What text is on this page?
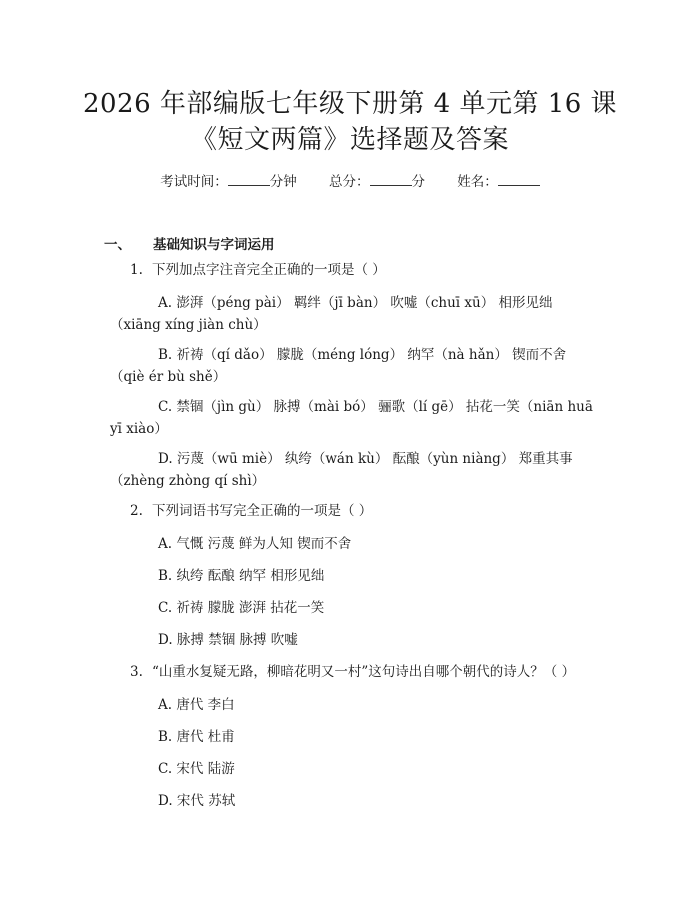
2026 年部编版七年级下册第 4 单元第 16 课
《短文两篇》选择题及答案
考试时间：	分钟 总分：	分 姓名：
一、 基础知识与字词运用
1. 下列加点字注音完全正确的一项是（ ）
A. 澎湃（péng pài） 羁绊（jī bàn） 吹嘘（chuī xū） 相形见绌（xiāng xíng jiàn chù）
B. 祈祷（qí dǎo） 朦胧（méng lóng） 纳罕（nà hǎn） 锲而不舍（qiè ér bù shě）
C. 禁锢（jìn gù） 脉搏（mài bó） 骊歌（lí gē） 拈花一笑（niān huā yī xiào）
D. 污蔑（wū miè） 纨绔（wán kù） 酝酿（yùn niàng） 郑重其事（zhèng zhòng qí shì）
2. 下列词语书写完全正确的一项是（ ）
A. 气慨 污蔑 鲜为人知 锲而不舍
B. 纨绔 酝酿 纳罕 相形见绌
C. 祈祷 朦胧 澎湃 拈花一笑
D. 脉搏 禁锢 脉搏 吹嘘
3. “山重水复疑无路，柳暗花明又一村”这句诗出自哪个朝代的诗人？（ ）
A. 唐代 李白
B. 唐代 杜甫
C. 宋代 陆游
D. 宋代 苏轼
